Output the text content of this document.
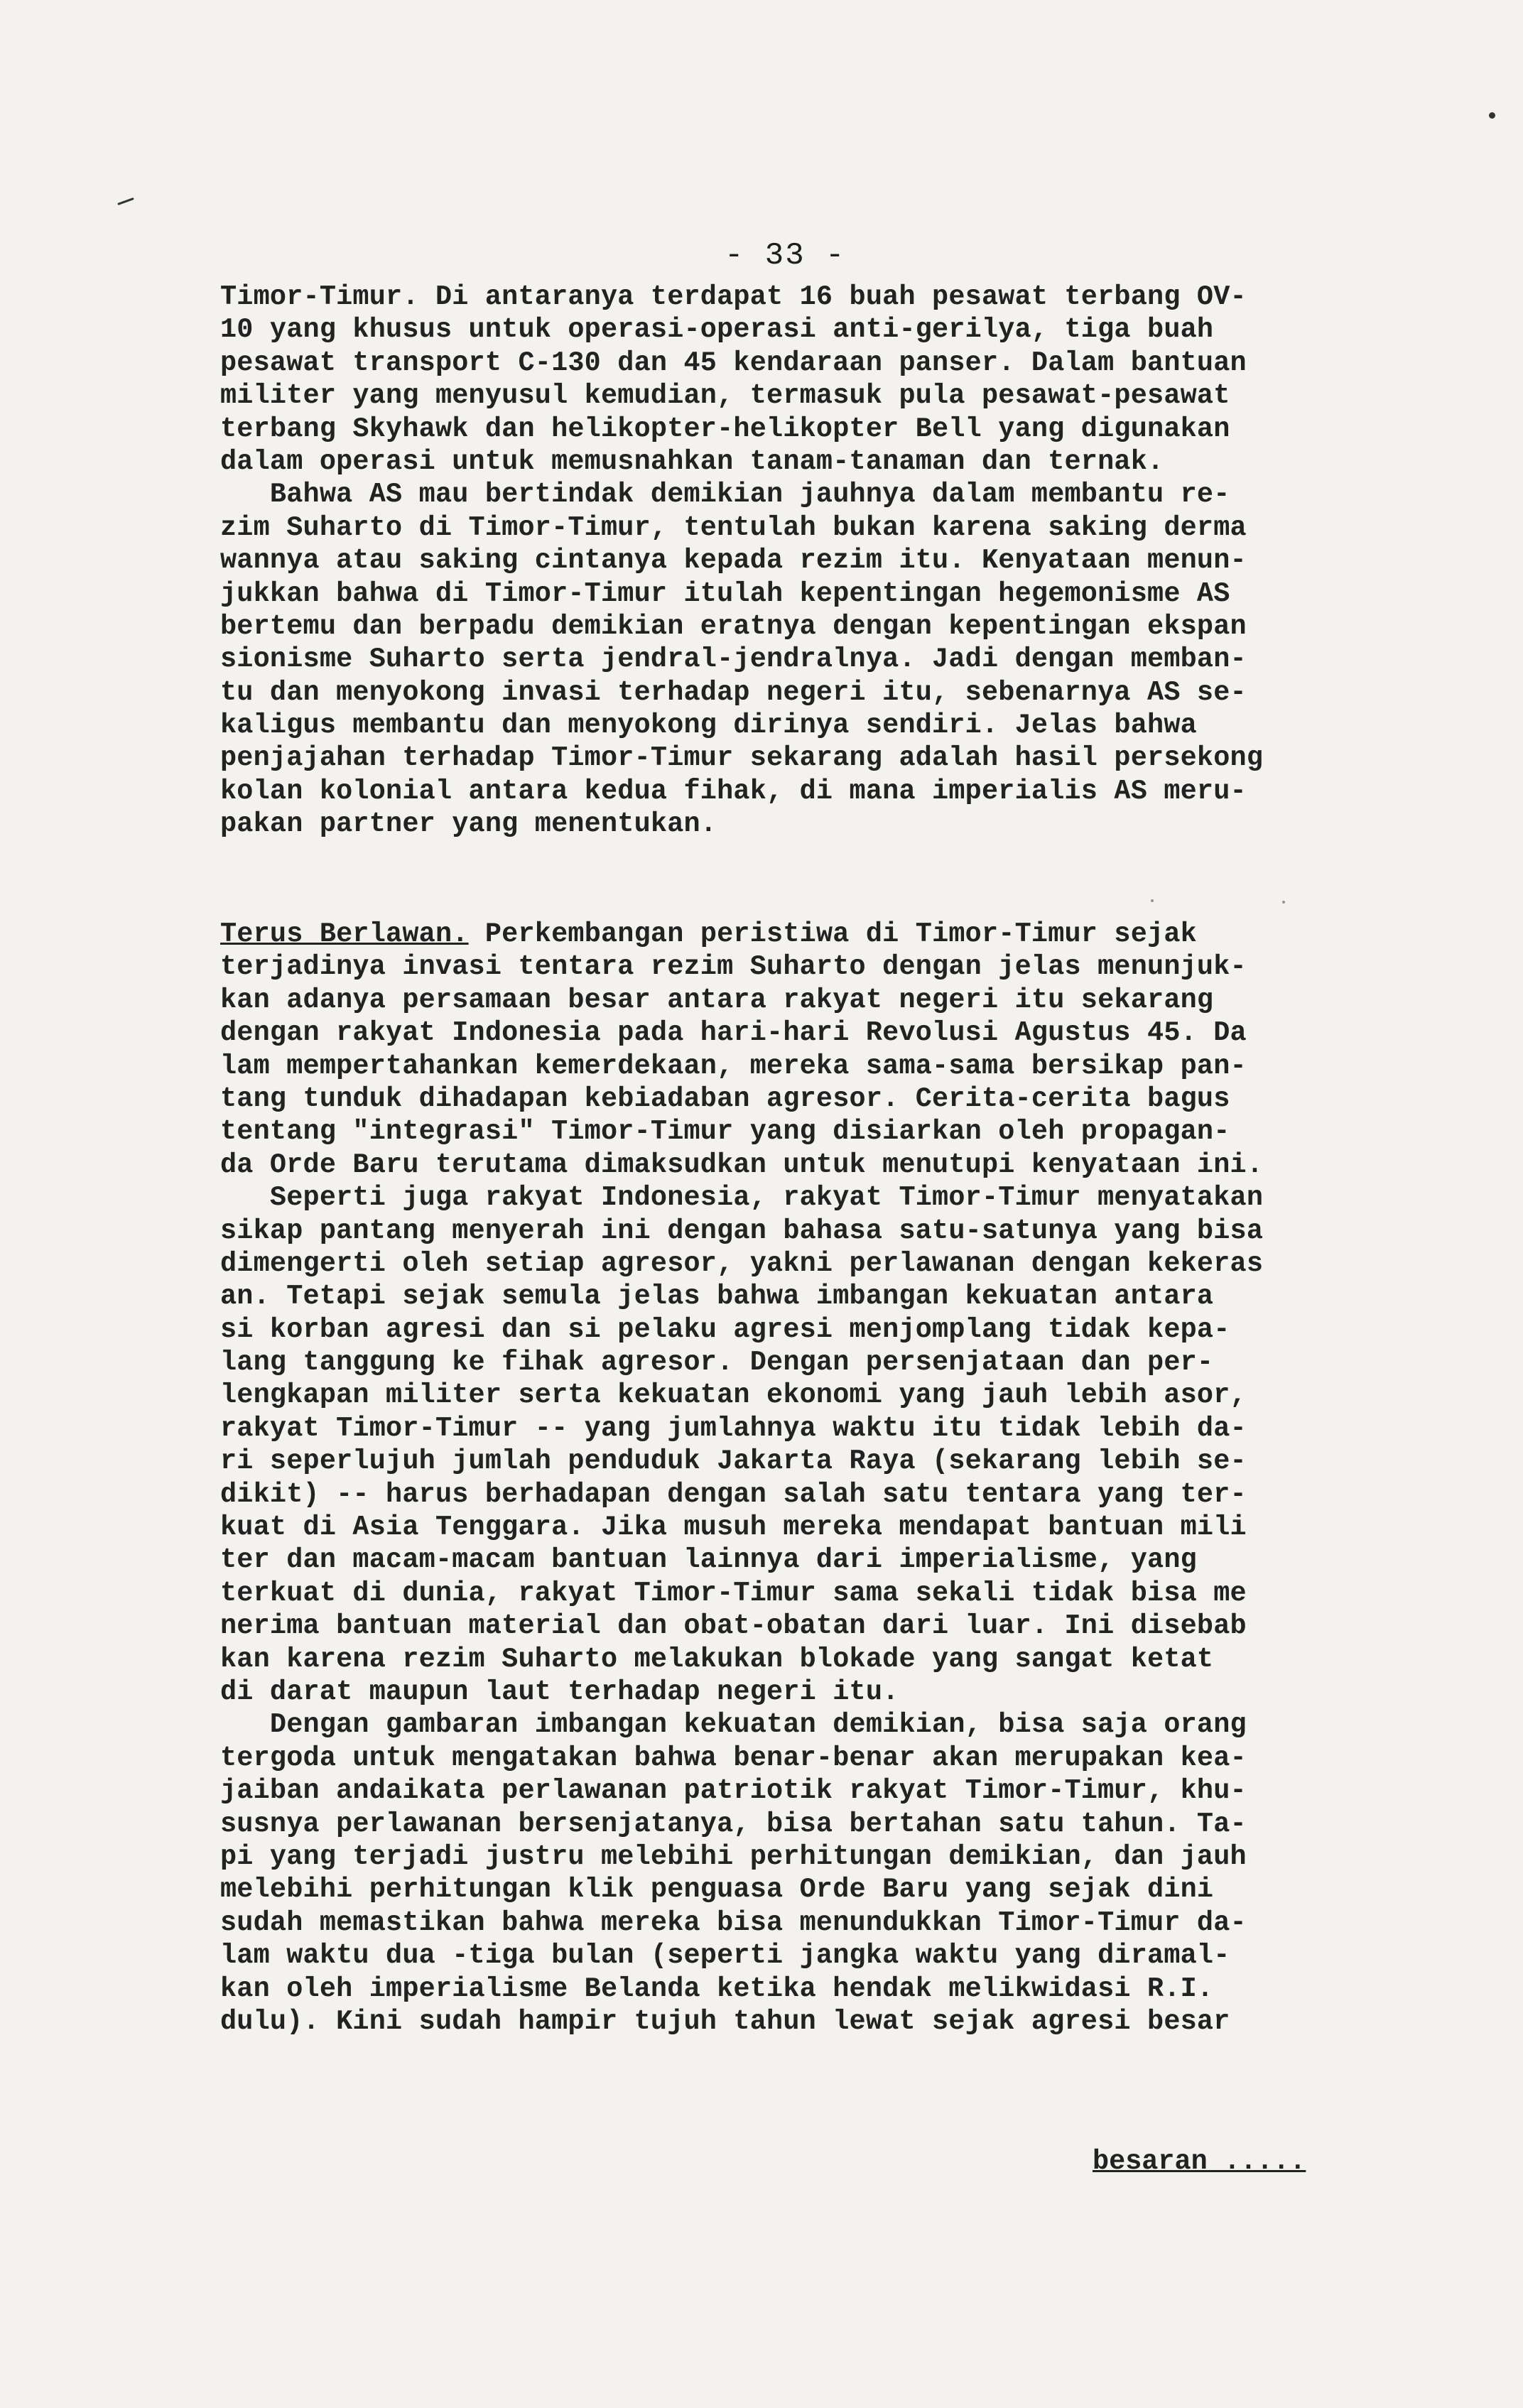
- 33 -
Timor-Timur. Di antaranya terdapat 16 buah pesawat terbang OV-
10 yang khusus untuk operasi-operasi anti-gerilya, tiga buah
pesawat transport C-130 dan 45 kendaraan panser. Dalam bantuan
militer yang menyusul kemudian, termasuk pula pesawat-pesawat
terbang Skyhawk dan helikopter-helikopter Bell yang digunakan
dalam operasi untuk memusnahkan tanam-tanaman dan ternak.
Bahwa AS mau bertindak demikian jauhnya dalam membantu re-
zim Suharto di Timor-Timur, tentulah bukan karena saking derma
wannya atau saking cintanya kepada rezim itu. Kenyataan menun-
jukkan bahwa di Timor-Timur itulah kepentingan hegemonisme AS
bertemu dan berpadu demikian eratnya dengan kepentingan ekspan
sionisme Suharto serta jendral-jendralnya. Jadi dengan memban-
tu dan menyokong invasi terhadap negeri itu, sebenarnya AS se-
kaligus membantu dan menyokong dirinya sendiri. Jelas bahwa
penjajahan terhadap Timor-Timur sekarang adalah hasil persekong
kolan kolonial antara kedua fihak, di mana imperialis AS meru-
pakan partner yang menentukan.
Terus Berlawan. Perkembangan peristiwa di Timor-Timur sejak
terjadinya invasi tentara rezim Suharto dengan jelas menunjuk-
kan adanya persamaan besar antara rakyat negeri itu sekarang
dengan rakyat Indonesia pada hari-hari Revolusi Agustus 45. Da
lam mempertahankan kemerdekaan, mereka sama-sama bersikap pan-
tang tunduk dihadapan kebiadaban agresor. Cerita-cerita bagus
tentang "integrasi" Timor-Timur yang disiarkan oleh propagan-
da Orde Baru terutama dimaksudkan untuk menutupi kenyataan ini.
Seperti juga rakyat Indonesia, rakyat Timor-Timur menyatakan
sikap pantang menyerah ini dengan bahasa satu-satunya yang bisa
dimengerti oleh setiap agresor, yakni perlawanan dengan kekeras
an. Tetapi sejak semula jelas bahwa imbangan kekuatan antara
si korban agresi dan si pelaku agresi menjomplang tidak kepa-
lang tanggung ke fihak agresor. Dengan persenjataan dan per-
lengkapan militer serta kekuatan ekonomi yang jauh lebih asor,
rakyat Timor-Timur -- yang jumlahnya waktu itu tidak lebih da-
ri seperlujuh jumlah penduduk Jakarta Raya (sekarang lebih se-
dikit) -- harus berhadapan dengan salah satu tentara yang ter-
kuat di Asia Tenggara. Jika musuh mereka mendapat bantuan mili
ter dan macam-macam bantuan lainnya dari imperialisme, yang
terkuat di dunia, rakyat Timor-Timur sama sekali tidak bisa me
nerima bantuan material dan obat-obatan dari luar. Ini disebab
kan karena rezim Suharto melakukan blokade yang sangat ketat
di darat maupun laut terhadap negeri itu.
Dengan gambaran imbangan kekuatan demikian, bisa saja orang
tergoda untuk mengatakan bahwa benar-benar akan merupakan kea-
jaiban andaikata perlawanan patriotik rakyat Timor-Timur, khu-
susnya perlawanan bersenjatanya, bisa bertahan satu tahun. Ta-
pi yang terjadi justru melebihi perhitungan demikian, dan jauh
melebihi perhitungan klik penguasa Orde Baru yang sejak dini
sudah memastikan bahwa mereka bisa menundukkan Timor-Timur da-
lam waktu dua -tiga bulan (seperti jangka waktu yang diramal-
kan oleh imperialisme Belanda ketika hendak melikwidasi R.I.
dulu). Kini sudah hampir tujuh tahun lewat sejak agresi besar
besaran .....
